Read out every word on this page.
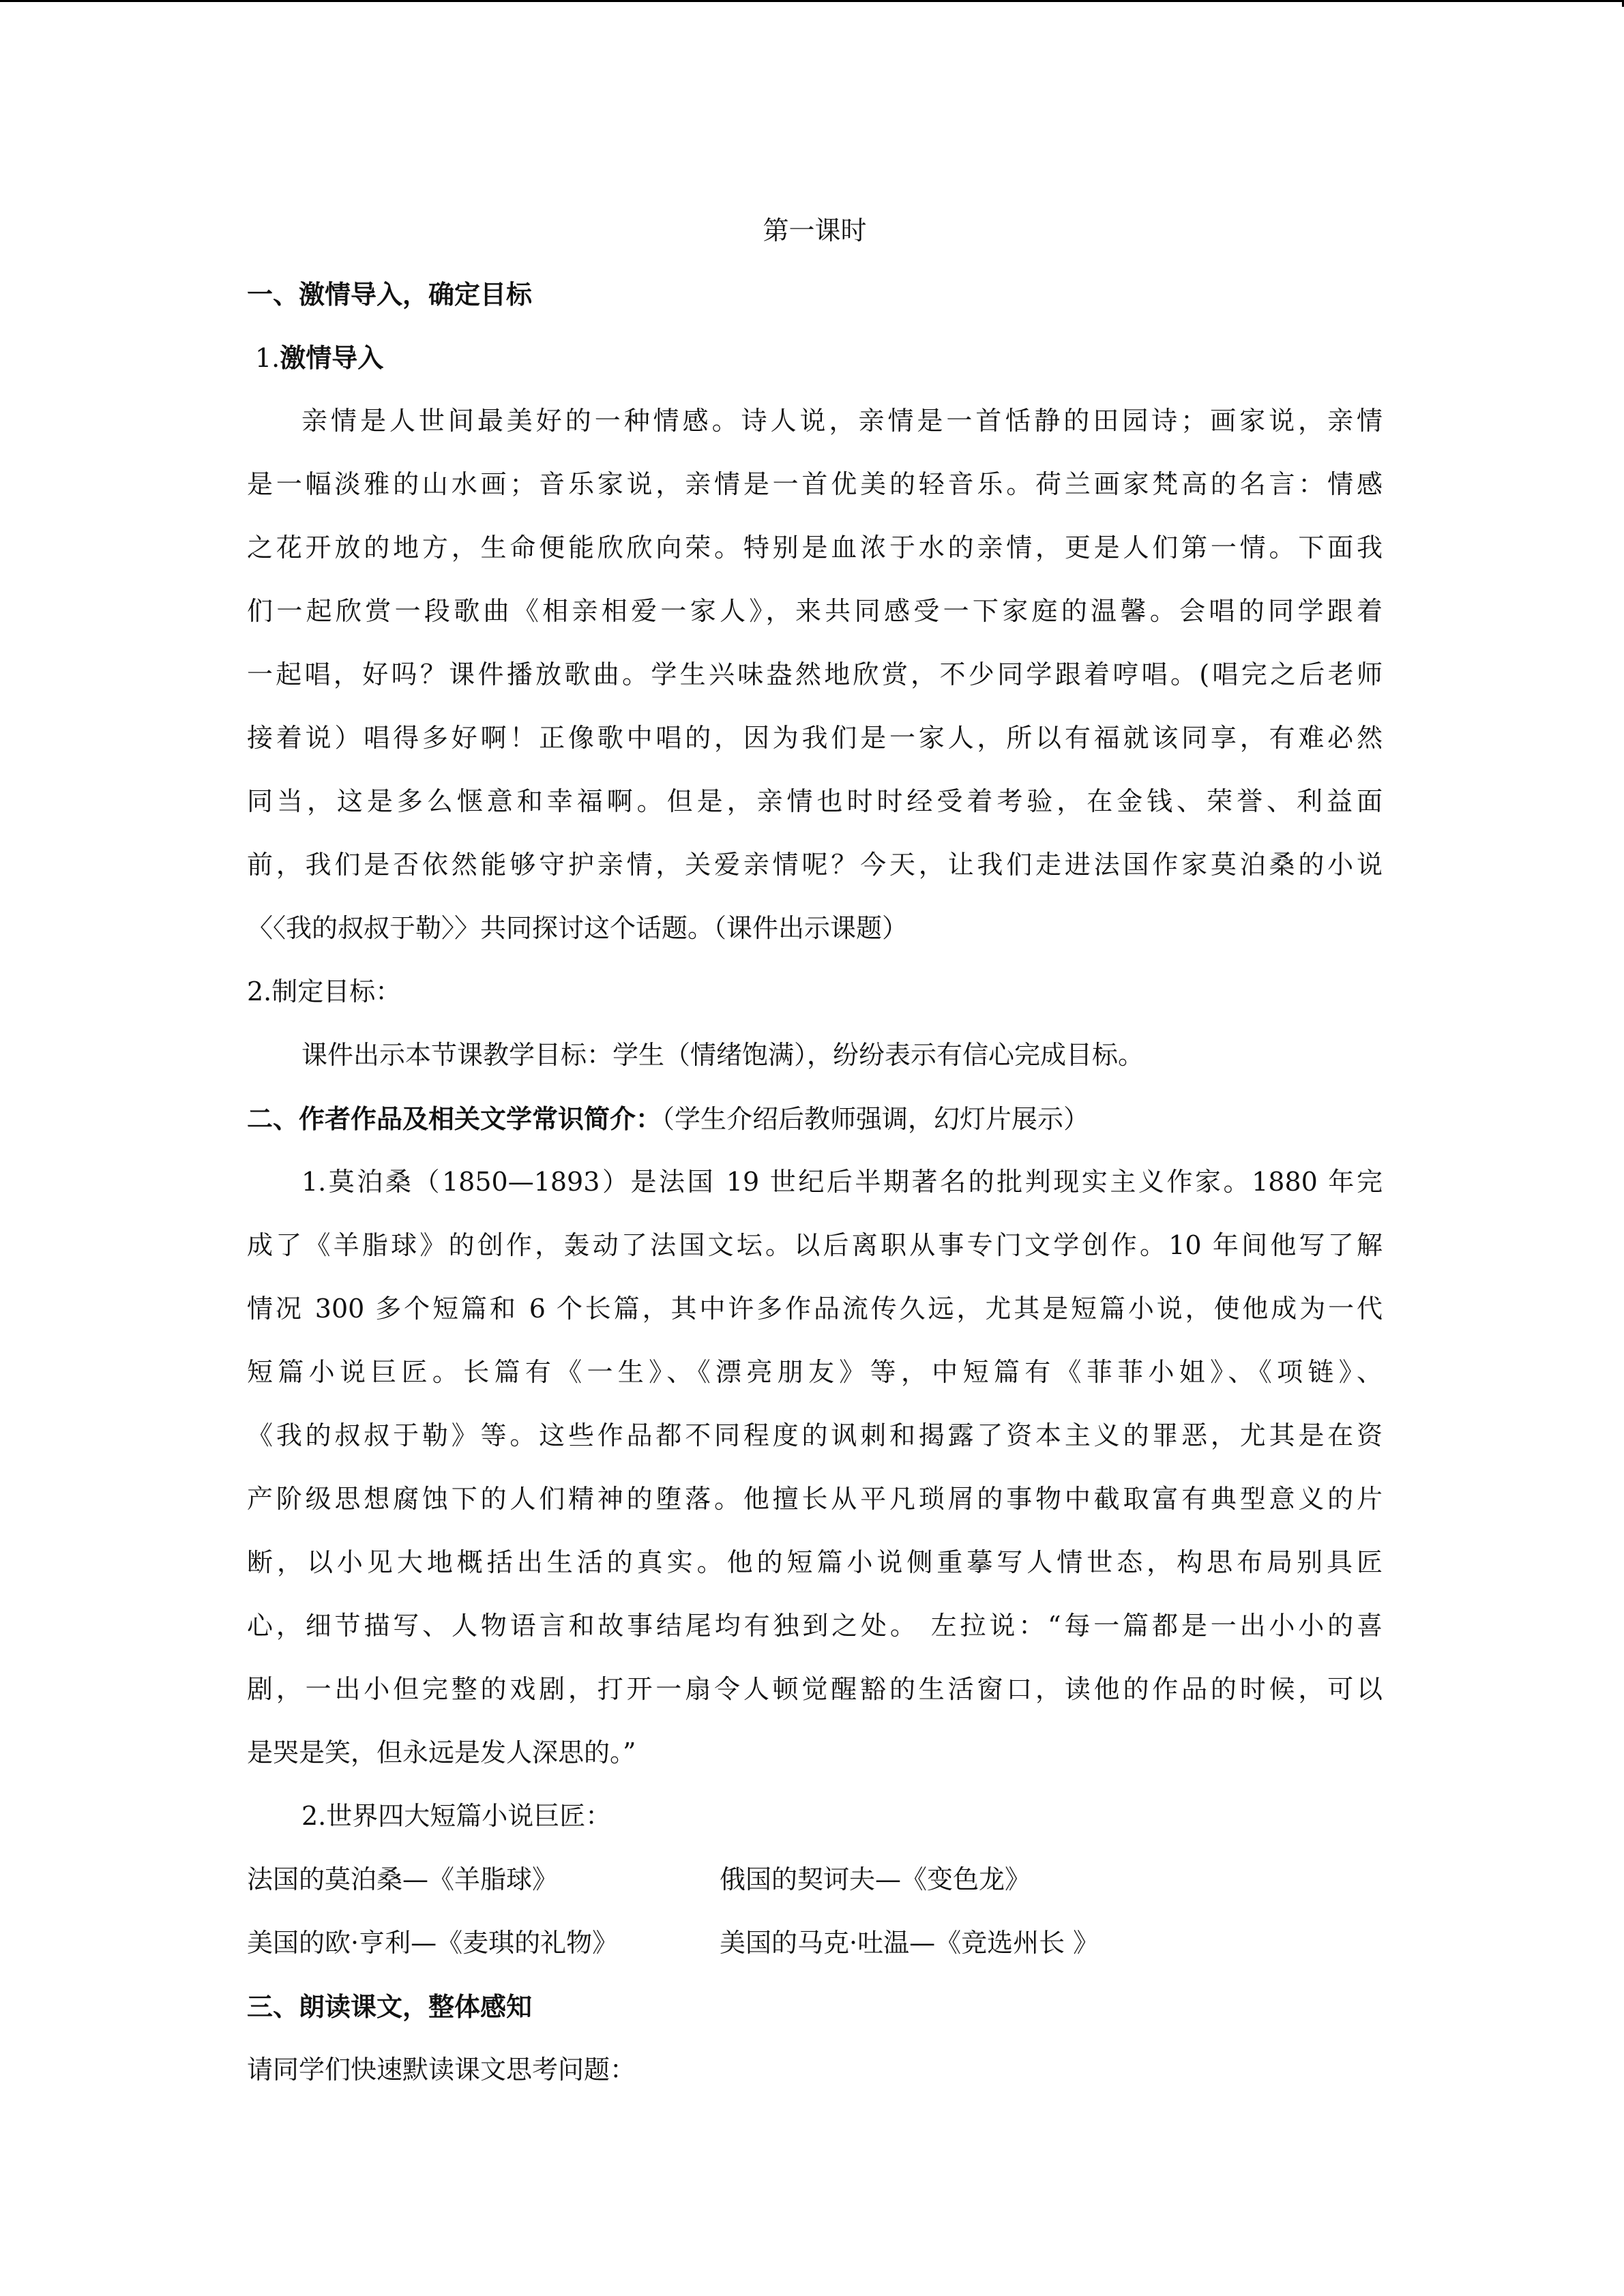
第一课时
一、激情导入，确定目标
1.激情导入
亲情是人世间最美好的一种情感。诗人说，亲情是一首恬静的田园诗；画家说，亲情
是一幅淡雅的山水画；音乐家说，亲情是一首优美的轻音乐。荷兰画家梵高的名言：情感
之花开放的地方，生命便能欣欣向荣。特别是血浓于水的亲情，更是人们第一情。下面我
们一起欣赏一段歌曲《相亲相爱一家人》，来共同感受一下家庭的温馨。会唱的同学跟着
一起唱，好吗？课件播放歌曲。学生兴味盎然地欣赏，不少同学跟着哼唱。(唱完之后老师
接着说）唱得多好啊！正像歌中唱的，因为我们是一家人，所以有福就该同享，有难必然
同当，这是多么惬意和幸福啊。但是，亲情也时时经受着考验，在金钱、荣誉、利益面
前，我们是否依然能够守护亲情，关爱亲情呢？今天，让我们走进法国作家莫泊桑的小说
〈〈我的叔叔于勒〉〉共同探讨这个话题。（课件出示课题）
2.制定目标：
课件出示本节课教学目标：学生（情绪饱满），纷纷表示有信心完成目标。
二、作者作品及相关文学常识简介：（学生介绍后教师强调，幻灯片展示）
1.莫泊桑（1850—1893）是法国 19 世纪后半期著名的批判现实主义作家。1880 年完
成了《羊脂球》的创作，轰动了法国文坛。以后离职从事专门文学创作。10 年间他写了解
情况 300 多个短篇和 6 个长篇，其中许多作品流传久远，尤其是短篇小说，使他成为一代
短篇小说巨匠。长篇有《一生》、《漂亮朋友》等，中短篇有《菲菲小姐》、《项链》、
《我的叔叔于勒》等。这些作品都不同程度的讽刺和揭露了资本主义的罪恶，尤其是在资
产阶级思想腐蚀下的人们精神的堕落。他擅长从平凡琐屑的事物中截取富有典型意义的片
断，以小见大地概括出生活的真实。他的短篇小说侧重摹写人情世态，构思布局别具匠
心，细节描写、人物语言和故事结尾均有独到之处。 左拉说：“每一篇都是一出小小的喜
剧，一出小但完整的戏剧，打开一扇令人顿觉醒豁的生活窗口，读他的作品的时候，可以
是哭是笑，但永远是发人深思的。”
2.世界四大短篇小说巨匠：
法国的莫泊桑—《羊脂球》	俄国的契诃夫—《变色龙》
美国的欧·亨利—《麦琪的礼物》	美国的马克·吐温—《竞选州长 》
三、朗读课文，整体感知
请同学们快速默读课文思考问题：
